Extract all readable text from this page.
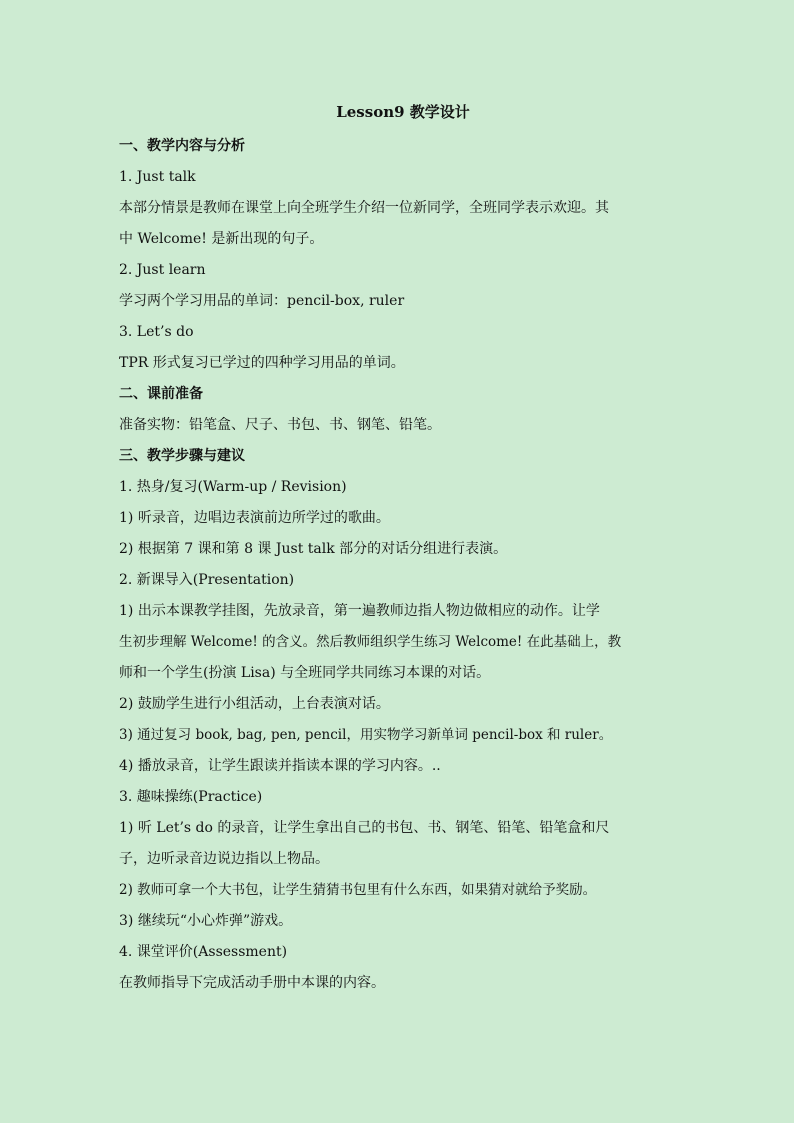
Lesson9 教学设计
一、教学内容与分析
1. Just talk
本部分情景是教师在课堂上向全班学生介绍一位新同学，全班同学表示欢迎。其
中 Welcome! 是新出现的句子。
2. Just learn
学习两个学习用品的单词：pencil-box, ruler
3. Let’s do
TPR 形式复习已学过的四种学习用品的单词。
二、课前准备
准备实物：铅笔盒、尺子、书包、书、钢笔、铅笔。
三、教学步骤与建议
1. 热身/复习(Warm-up / Revision)
1) 听录音，边唱边表演前边所学过的歌曲。
2) 根据第 7 课和第 8 课 Just talk 部分的对话分组进行表演。
2. 新课导入(Presentation)
1) 出示本课教学挂图，先放录音，第一遍教师边指人物边做相应的动作。让学
生初步理解 Welcome! 的含义。然后教师组织学生练习 Welcome! 在此基础上，教
师和一个学生(扮演 Lisa) 与全班同学共同练习本课的对话。
2) 鼓励学生进行小组活动，上台表演对话。
3) 通过复习 book, bag, pen, pencil，用实物学习新单词 pencil-box 和 ruler。
4) 播放录音，让学生跟读并指读本课的学习内容。..
3. 趣味操练(Practice)
1) 听 Let’s do 的录音，让学生拿出自己的书包、书、钢笔、铅笔、铅笔盒和尺
子，边听录音边说边指以上物品。
2) 教师可拿一个大书包，让学生猜猜书包里有什么东西，如果猜对就给予奖励。
3) 继续玩“小心炸弹”游戏。
4. 课堂评价(Assessment)
在教师指导下完成活动手册中本课的内容。
